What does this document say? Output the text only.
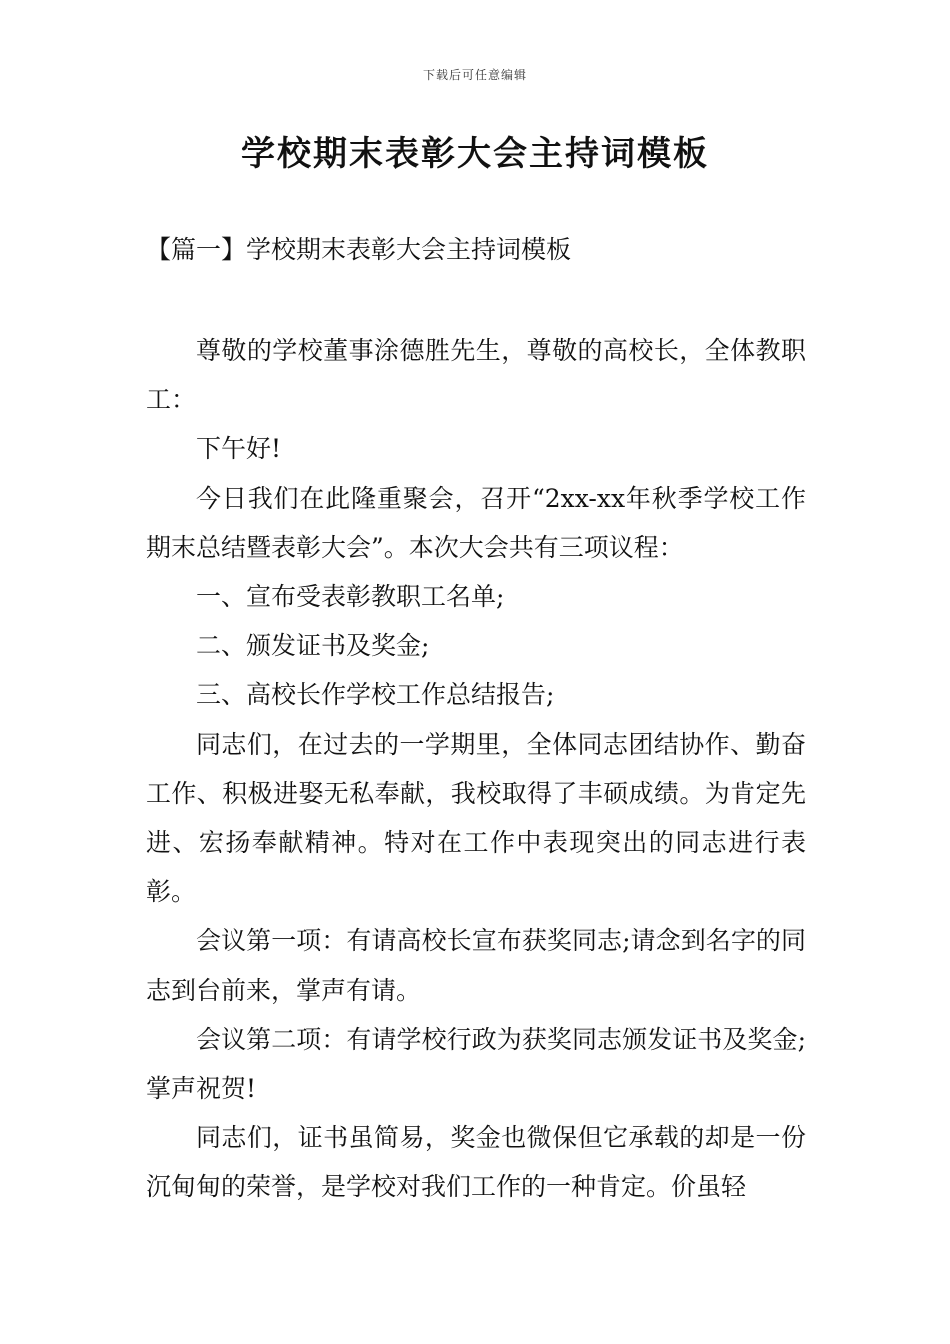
下载后可任意编辑
学校期末表彰大会主持词模板
【篇一】学校期末表彰大会主持词模板

尊敬的学校董事涂德胜先生，尊敬的高校长，全体教职工：

下午好!

今日我们在此隆重聚会，召开“2xx-xx年秋季学校工作期末总结暨表彰大会”。本次大会共有三项议程：

一、宣布受表彰教职工名单;

二、颁发证书及奖金;

三、高校长作学校工作总结报告;

同志们，在过去的一学期里，全体同志团结协作、勤奋工作、积极进娶无私奉献，我校取得了丰硕成绩。为肯定先进、宏扬奉献精神。特对在工作中表现突出的同志进行表彰。

会议第一项：有请高校长宣布获奖同志;请念到名字的同志到台前来，掌声有请。

会议第二项：有请学校行政为获奖同志颁发证书及奖金;掌声祝贺!

同志们，证书虽简易，奖金也微保但它承载的却是一份沉甸甸的荣誉，是学校对我们工作的一种肯定。价虽轻
